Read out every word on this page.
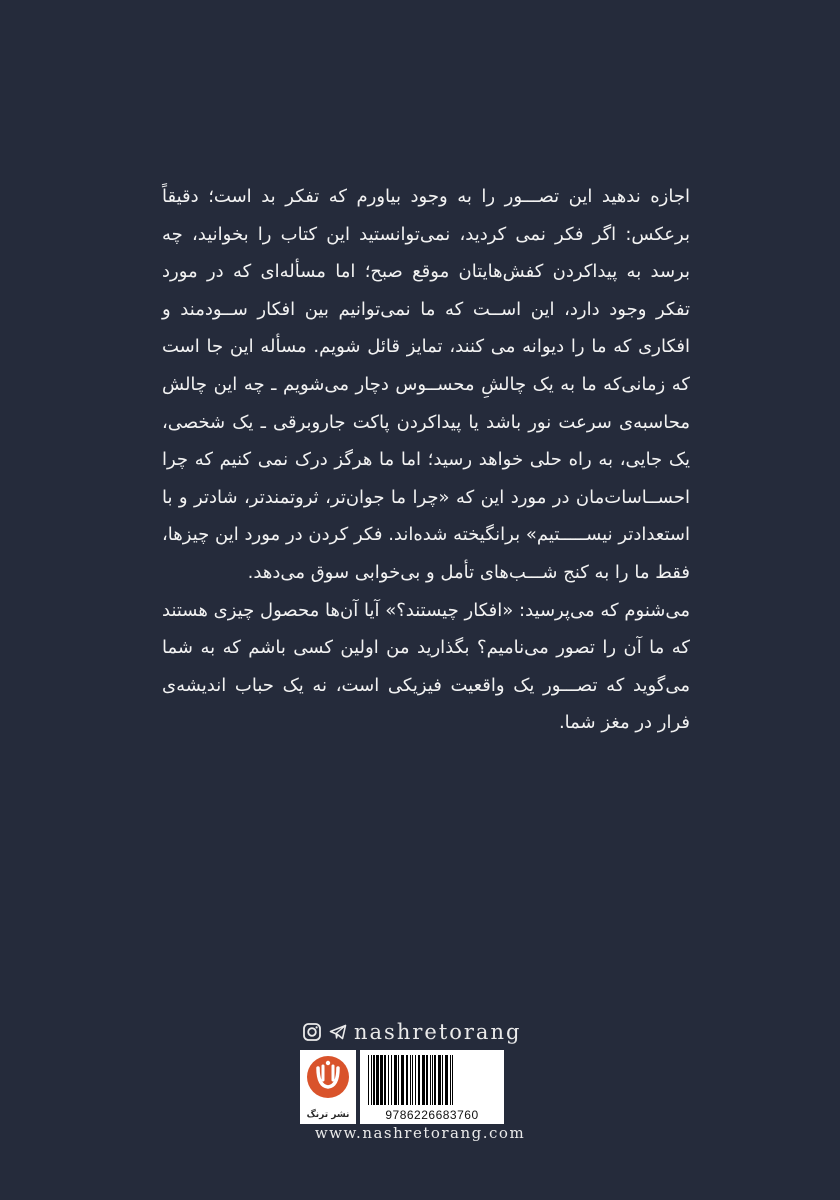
اجازه ندهید این تصـــور را به وجود بیاورم که تفکر بد است؛ دقیقاً برعکس: اگر فکر نمی کردید، نمی‌توانستید این کتاب را بخوانید، چه برسد به پیداکردن کفش‌هایتان موقع صبح؛ اما مسأله‌ای که در مورد تفکر وجود دارد، این اســت که ما نمی‌توانیم بین افکار ســودمند و افکاری که ما را دیوانه می کنند، تمایز قائل شویم. مسأله این جا است که زمانی‌که ما به یک چالشِ محســوس دچار می‌شویم ـ چه این چالش محاسبه‌ی سرعت نور باشد یا پیداکردن پاکت جاروبرقی ـ یک شخصی، یک جایی، به راه حلی خواهد رسید؛ اما ما هرگز درک نمی کنیم که چرا احســاسات‌مان در مورد این که «چرا ما جوان‌تر، ثروتمندتر، شادتر و با استعدادتر نیســـــتیم» برانگیخته شده‌اند. فکر کردن در مورد این چیزها، فقط ما را به کنج شـــب‌های تأمل و بی‌خوابی سوق می‌دهد.

می‌شنوم که می‌پرسید: «افکار چیستند؟» آیا آن‌ها محصول چیزی هستند که ما آن را تصور می‌نامیم؟ بگذارید من اولین کسی باشم که به شما می‌گوید که تصـــور یک واقعیت فیزیکی است، نه یک حباب اندیشه‌ی فرار در مغز شما.

nashretorang
نشر ترنگ	9786226683760
www.nashretorang.com
